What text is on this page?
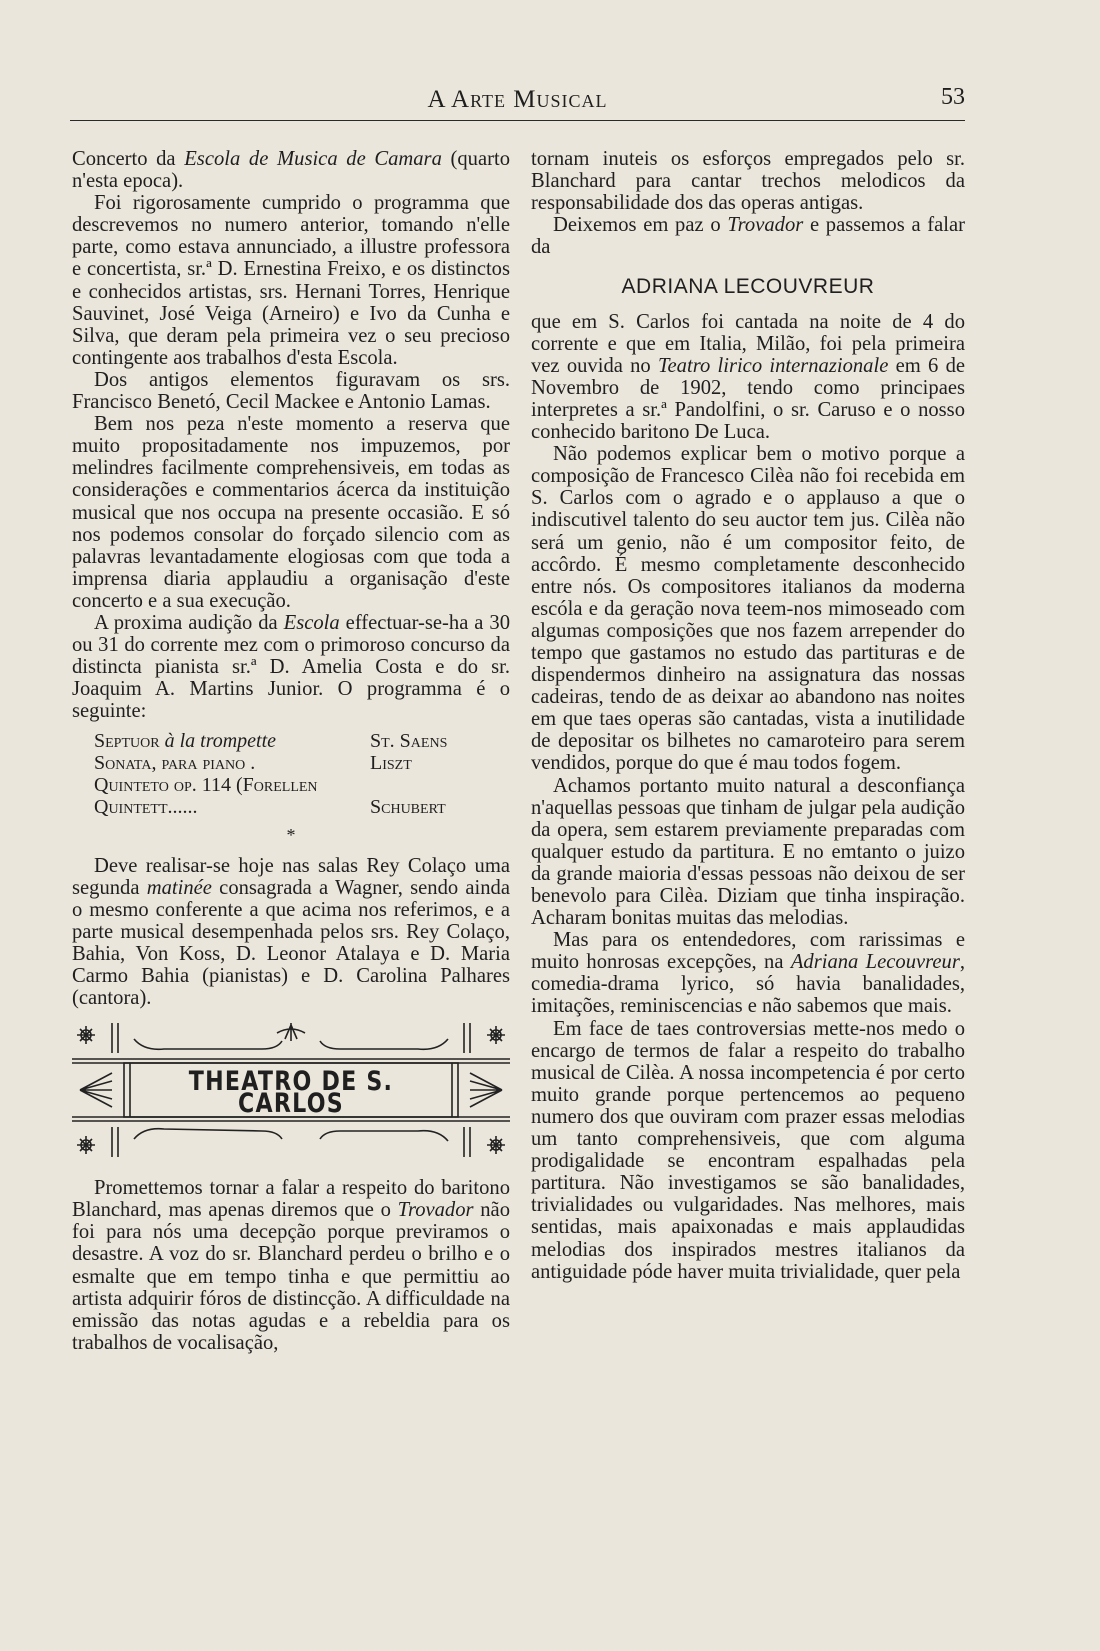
A Arte Musical	53

Concerto da Escola de Musica de Camara (quarto n'esta epoca).

Foi rigorosamente cumprido o programma que descrevemos no numero anterior, tomando n'elle parte, como estava annunciado, a illustre professora e concertista, sr.ª D. Ernestina Freixo, e os distinctos e conhecidos artistas, srs. Hernani Torres, Henrique Sauvinet, José Veiga (Arneiro) e Ivo da Cunha e Silva, que deram pela primeira vez o seu precioso contingente aos trabalhos d'esta Escola.

Dos antigos elementos figuravam os srs. Francisco Benetó, Cecil Mackee e Antonio Lamas.

Bem nos peza n'este momento a reserva que muito propositadamente nos impuzemos, por melindres facilmente comprehensiveis, em todas as considerações e commentarios ácerca da instituição musical que nos occupa na presente occasião. E só nos podemos consolar do forçado silencio com as palavras levantadamente elogiosas com que toda a imprensa diaria applaudiu a organisação d'este concerto e a sua execução.

A proxima audição da Escola effectuar-se-ha a 30 ou 31 do corrente mez com o primoroso concurso da distincta pianista sr.ª D. Amelia Costa e do sr. Joaquim A. Martins Junior. O programma é o seguinte:

Septuor à la trompette	St. Saens
Sonata, para piano .	Liszt
Quinteto op. 114 (Forellen Quintett......	Schubert
*

Deve realisar-se hoje nas salas Rey Colaço uma segunda matinée consagrada a Wagner, sendo ainda o mesmo conferente a que acima nos referimos, e a parte musical desempenhada pelos srs. Rey Colaço, Bahia, Von Koss, D. Leonor Atalaya e D. Maria Carmo Bahia (pianistas) e D. Carolina Palhares (cantora).

THEATRO DE S. CARLOS

Promettemos tornar a falar a respeito do baritono Blanchard, mas apenas diremos que o Trovador não foi para nós uma decepção porque previramos o desastre. A voz do sr. Blanchard perdeu o brilho e o esmalte que em tempo tinha e que permittiu ao artista adquirir fóros de distincção. A difficuldade na emissão das notas agudas e a rebeldia para os trabalhos de vocalisação,

tornam inuteis os esforços empregados pelo sr. Blanchard para cantar trechos melodicos da responsabilidade dos das operas antigas.

Deixemos em paz o Trovador e passemos a falar da

ADRIANA LECOUVREUR

que em S. Carlos foi cantada na noite de 4 do corrente e que em Italia, Milão, foi pela primeira vez ouvida no Teatro lirico internazionale em 6 de Novembro de 1902, tendo como principaes interpretes a sr.ª Pandolfini, o sr. Caruso e o nosso conhecido baritono De Luca.

Não podemos explicar bem o motivo porque a composição de Francesco Cilèa não foi recebida em S. Carlos com o agrado e o applauso a que o indiscutivel talento do seu auctor tem jus. Cilèa não será um genio, não é um compositor feito, de accôrdo. É mesmo completamente desconhecido entre nós. Os compositores italianos da moderna escóla e da geração nova teem-nos mimoseado com algumas composições que nos fazem arrepender do tempo que gastamos no estudo das partituras e de dispendermos dinheiro na assignatura das nossas cadeiras, tendo de as deixar ao abandono nas noites em que taes operas são cantadas, vista a inutilidade de depositar os bilhetes no camaroteiro para serem vendidos, porque do que é mau todos fogem.

Achamos portanto muito natural a desconfiança n'aquellas pessoas que tinham de julgar pela audição da opera, sem estarem previamente preparadas com qualquer estudo da partitura. E no emtanto o juizo da grande maioria d'essas pessoas não deixou de ser benevolo para Cilèa. Diziam que tinha inspiração. Acharam bonitas muitas das melodias.

Mas para os entendedores, com rarissimas e muito honrosas excepções, na Adriana Lecouvreur, comedia-drama lyrico, só havia banalidades, imitações, reminiscencias e não sabemos que mais.

Em face de taes controversias mette-nos medo o encargo de termos de falar a respeito do trabalho musical de Cilèa. A nossa incompetencia é por certo muito grande porque pertencemos ao pequeno numero dos que ouviram com prazer essas melodias um tanto comprehensiveis, que com alguma prodigalidade se encontram espalhadas pela partitura. Não investigamos se são banalidades, trivialidades ou vulgaridades. Nas melhores, mais sentidas, mais apaixonadas e mais applaudidas melodias dos inspirados mestres italianos da antiguidade póde haver muita trivialidade, quer pela
